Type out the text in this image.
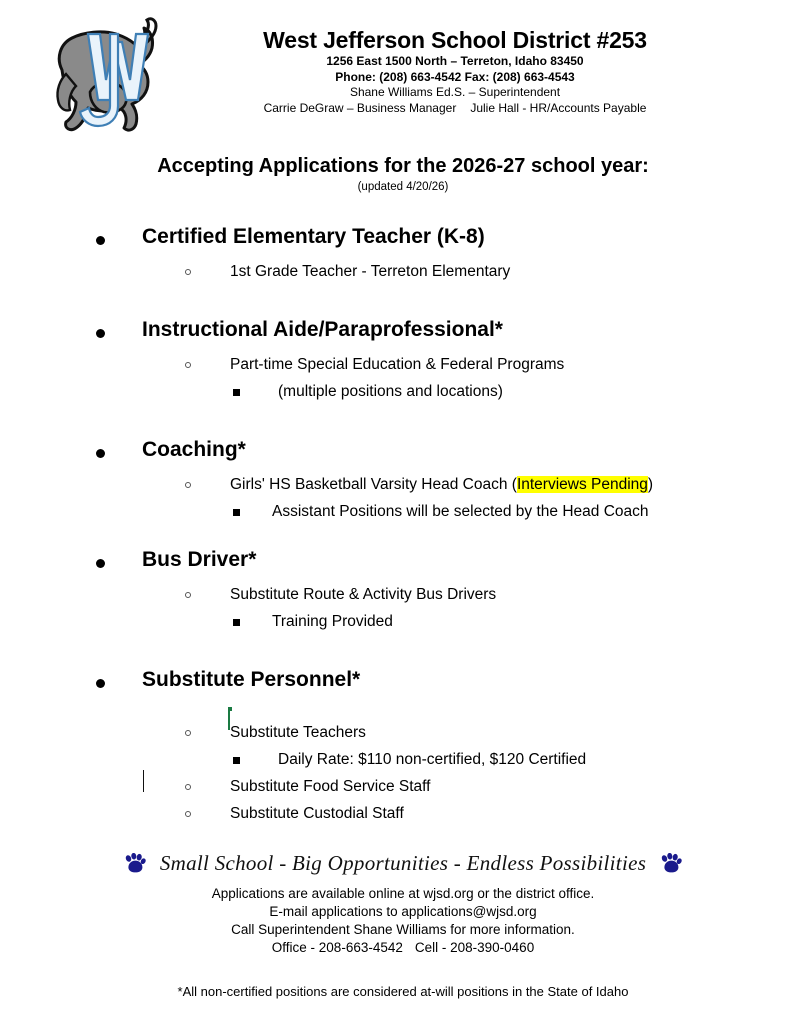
West Jefferson School District #253
1256 East 1500 North – Terreton, Idaho 83450
Phone: (208) 663-4542 Fax: (208) 663-4543
Shane Williams Ed.S. – Superintendent
Carrie DeGraw – Business Manager Julie Hall - HR/Accounts Payable
Accepting Applications for the 2026-27 school year:
(updated 4/20/26)
Certified Elementary Teacher (K-8)
1st Grade Teacher - Terreton Elementary
Instructional Aide/Paraprofessional*
Part-time Special Education & Federal Programs
(multiple positions and locations)
Coaching*
Girls' HS Basketball Varsity Head Coach (Interviews Pending)
Assistant Positions will be selected by the Head Coach
Bus Driver*
Substitute Route & Activity Bus Drivers
Training Provided
Substitute Personnel*
Substitute Teachers
Daily Rate: $110 non-certified, $120 Certified
Substitute Food Service Staff
Substitute Custodial Staff
Small School - Big Opportunities - Endless Possibilities
Applications are available online at wjsd.org or the district office.
E-mail applications to applications@wjsd.org
Call Superintendent Shane Williams for more information.
Office - 208-663-4542 Cell - 208-390-0460
*All non-certified positions are considered at-will positions in the State of Idaho
